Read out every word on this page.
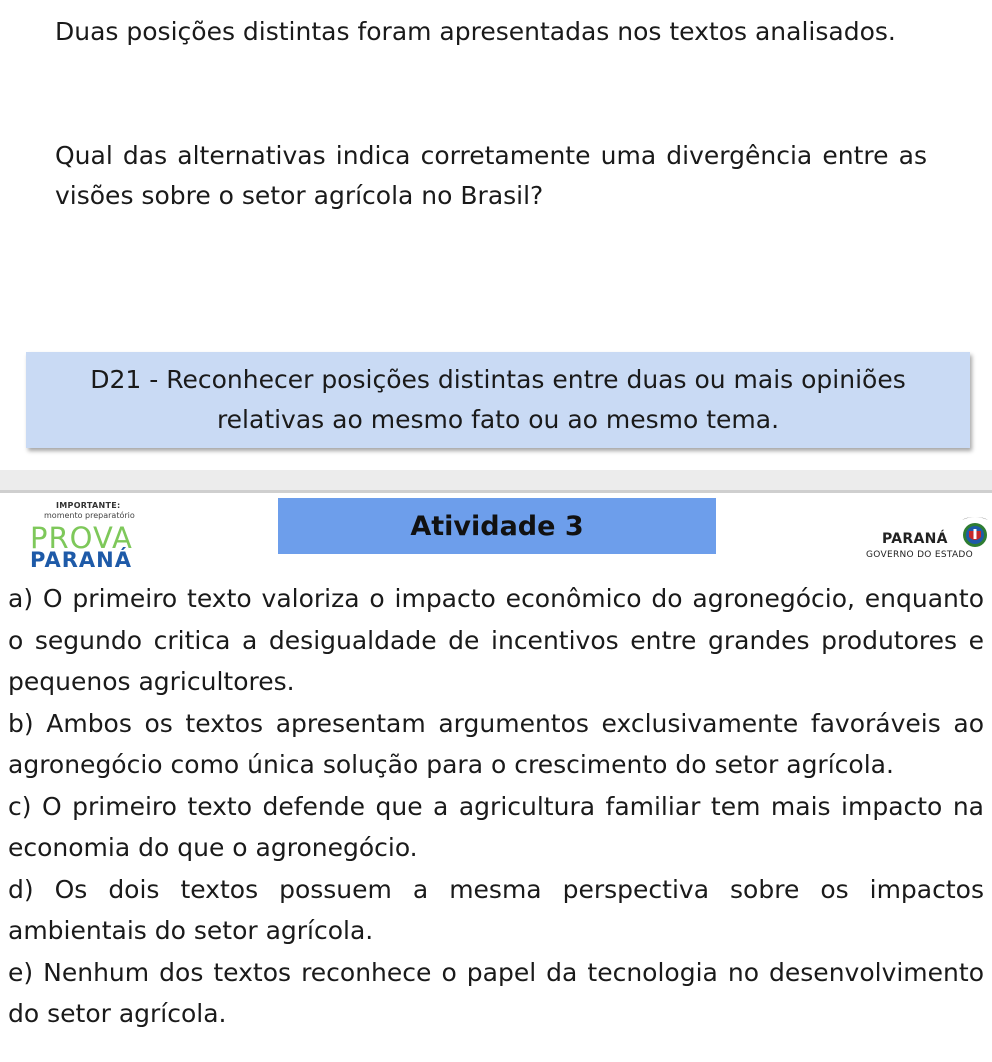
Duas posições distintas foram apresentadas nos textos analisados.
Qual das alternativas indica corretamente uma divergência entre as visões sobre o setor agrícola no Brasil?
D21 - Reconhecer posições distintas entre duas ou mais opiniões
relativas ao mesmo fato ou ao mesmo tema.
IMPORTANTE:
momento preparatório
PROVA
PARANÁ
Atividade 3	PARANÁ
GOVERNO DO ESTADO
a) O primeiro texto valoriza o impacto econômico do agronegócio, enquanto o segundo critica a desigualdade de incentivos entre grandes produtores e pequenos agricultores.
b) Ambos os textos apresentam argumentos exclusivamente favoráveis ao agronegócio como única solução para o crescimento do setor agrícola.
c) O primeiro texto defende que a agricultura familiar tem mais impacto na economia do que o agronegócio.
d) Os dois textos possuem a mesma perspectiva sobre os impactos ambientais do setor agrícola.
e) Nenhum dos textos reconhece o papel da tecnologia no desenvolvimento do setor agrícola.
